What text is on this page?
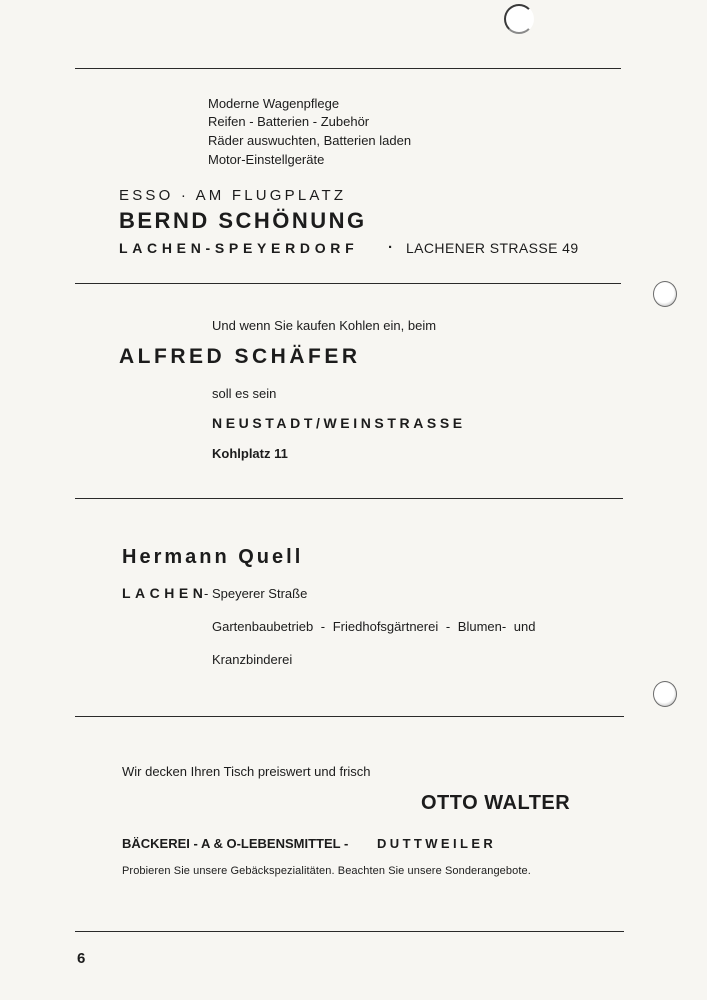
Moderne Wagenpflege
Reifen - Batterien - Zubehör
Räder auswuchten, Batterien laden
Motor-Einstellgeräte
ESSO · AM FLUGPLATZ
BERND SCHÖNUNG
LACHEN-SPEYERDORF · LACHENER STRASSE 49
Und wenn Sie kaufen Kohlen ein, beim
ALFRED SCHÄFER
soll es sein
NEUSTADT/WEINSTRASSE
Kohlplatz 11
Hermann Quell
LACHEN
- Speyerer Straße
Gartenbaubetrieb - Friedhofsgärtnerei - Blumen- und
Kranzbinderei
Wir decken Ihren Tisch preiswert und frisch
OTTO WALTER
BÄCKEREI - A & O-LEBENSMITTEL - DUTTWEILER
Probieren Sie unsere Gebäckspezialitäten. Beachten Sie unsere Sonderangebote.
6
